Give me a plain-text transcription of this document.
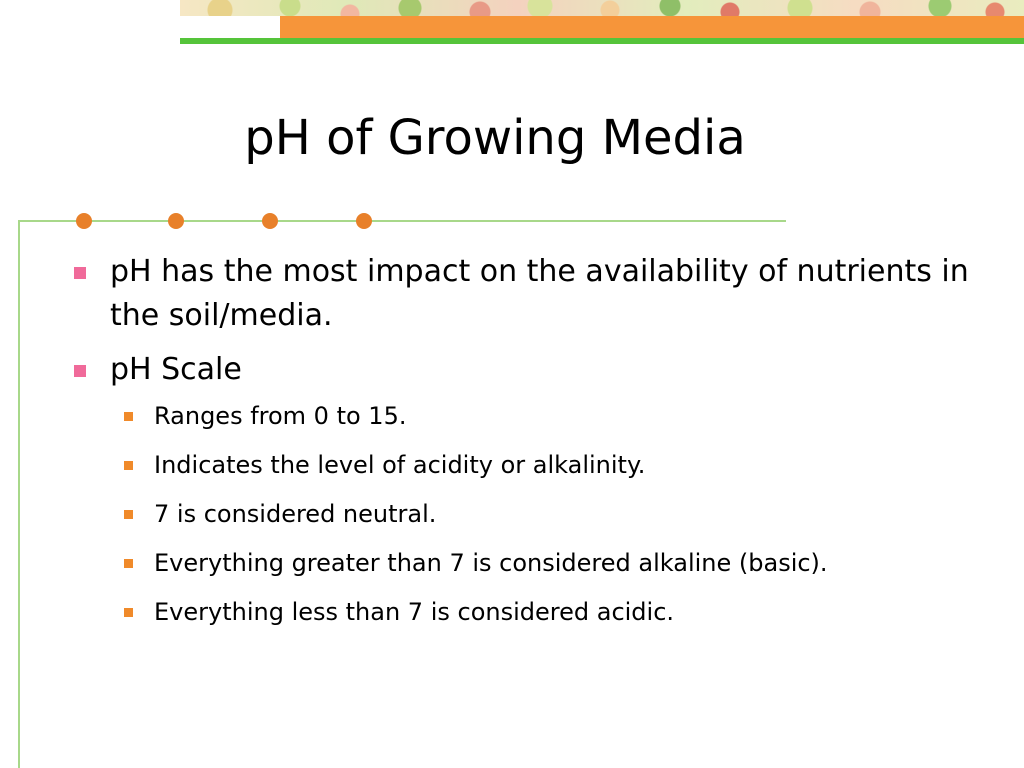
pH of Growing Media
pH has the most impact on the availability of nutrients in the soil/media.
pH Scale
Ranges from 0 to 15.
Indicates the level of acidity or alkalinity.
7 is considered neutral.
Everything greater than 7 is considered alkaline (basic).
Everything less than 7 is considered acidic.
